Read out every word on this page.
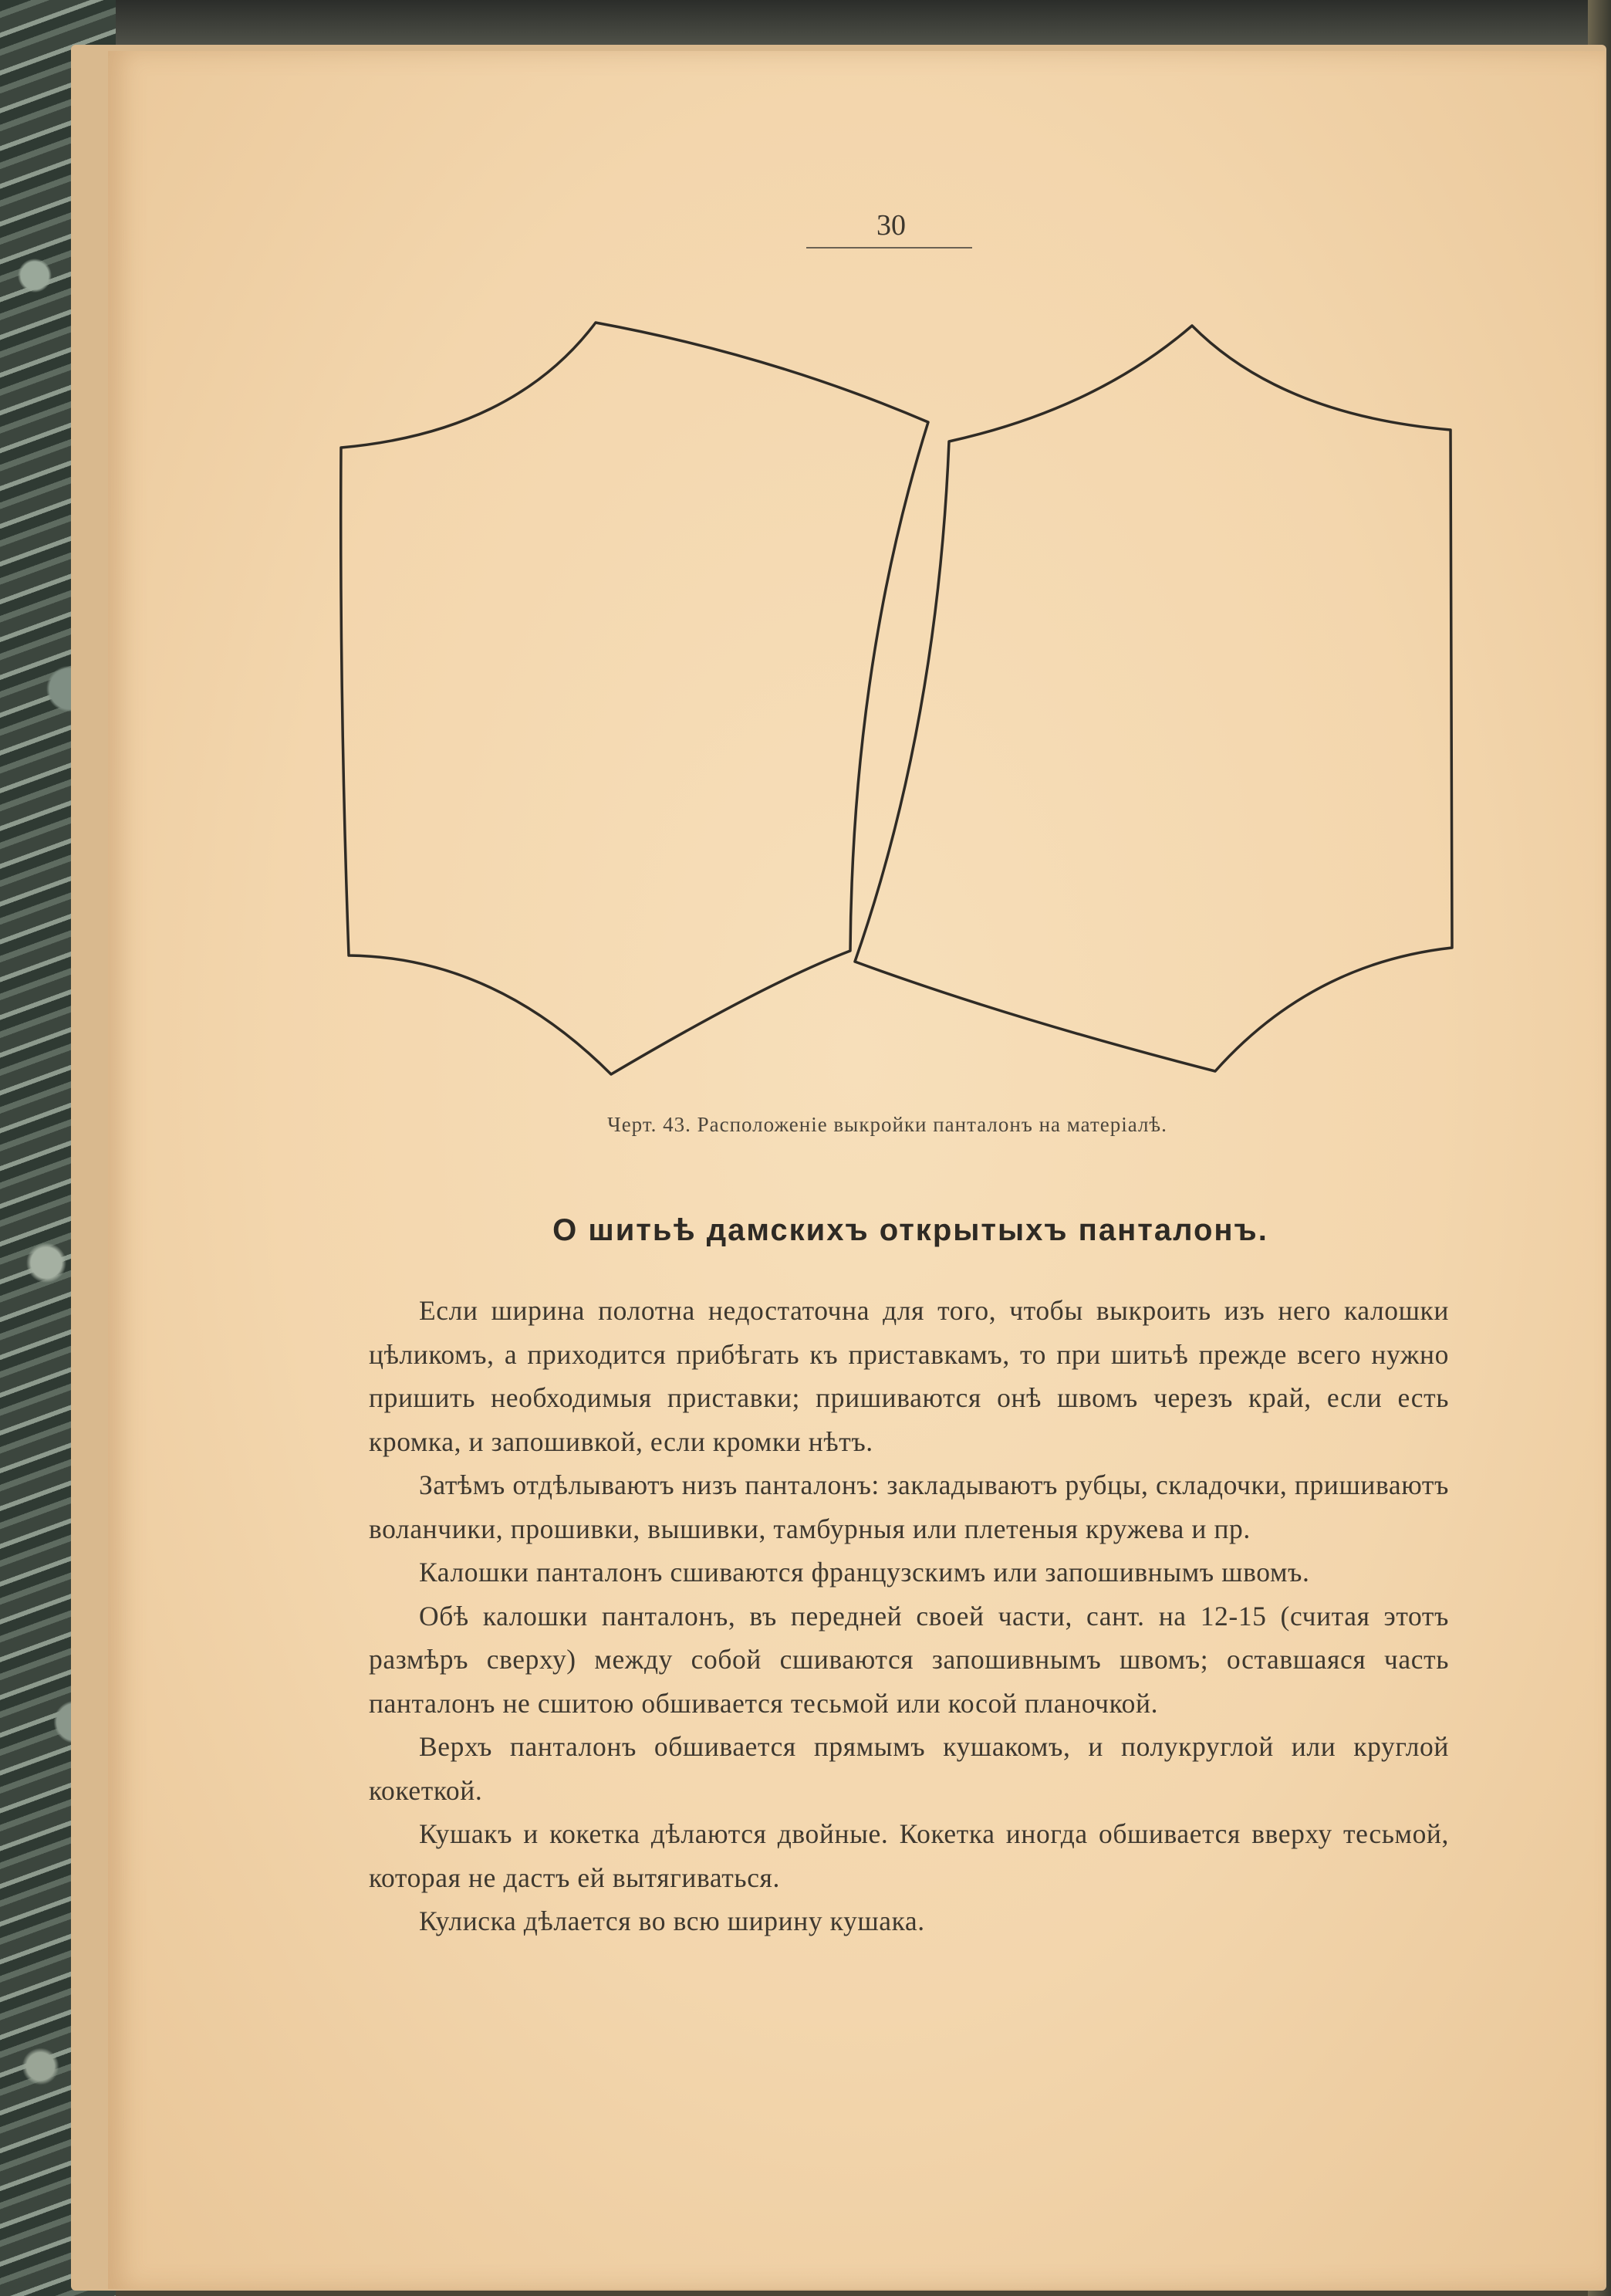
30
Черт. 43. Расположенiе выкройки панталонъ на матерiалѣ.
О шитьѣ дамскихъ открытыхъ панталонъ.

Если ширина полотна недостаточна для того, чтобы выкроить изъ него калошки цѣликомъ, а приходится прибѣгать къ приставкамъ, то при шитьѣ прежде всего нужно пришить необходимыя приставки; пришиваются онѣ швомъ черезъ край, если есть кромка, и запошивкой, если кромки нѣтъ.

Затѣмъ отдѣлываютъ низъ панталонъ: закладываютъ рубцы, складочки, пришиваютъ воланчики, прошивки, вышивки, тамбурныя или плетеныя кружева и пр.

Калошки панталонъ сшиваются французскимъ или запошивнымъ швомъ.

Обѣ калошки панталонъ, въ передней своей части, сант. на 12-15 (считая этотъ размѣръ сверху) между собой сшиваются запошивнымъ швомъ; оставшаяся часть панталонъ не сшитою обшивается тесьмой или косой планочкой.

Верхъ панталонъ обшивается прямымъ кушакомъ, и полукруглой или круглой кокеткой.

Кушакъ и кокетка дѣлаются двойные. Кокетка иногда обшивается вверху тесьмой, которая не дастъ ей вытягиваться.

Кулиска дѣлается во всю ширину кушака.
